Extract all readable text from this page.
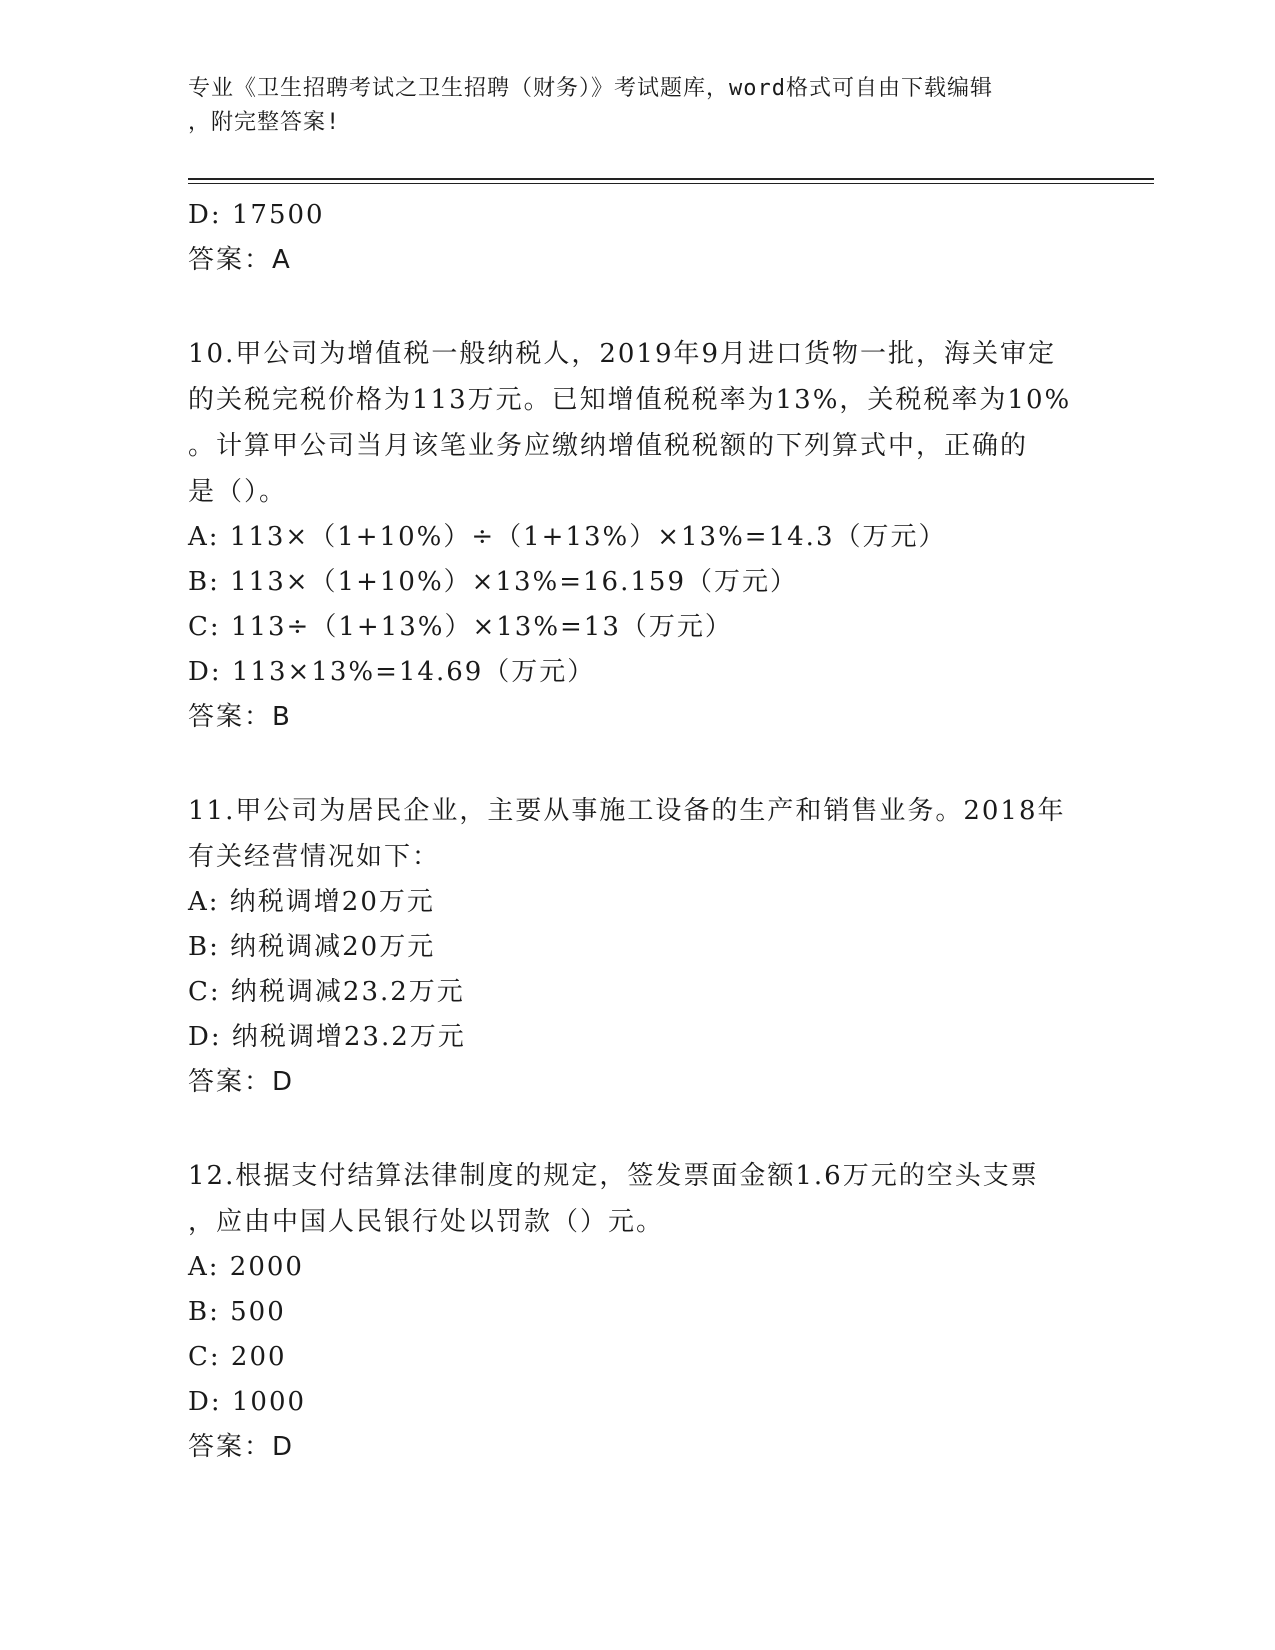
专业《卫生招聘考试之卫生招聘（财务）》考试题库，word格式可自由下载编辑
，附完整答案!
D: 17500
答案：A
10.甲公司为增值税一般纳税人，2019年9月进口货物一批，海关审定
的关税完税价格为113万元。已知增值税税率为13%，关税税率为10%
。计算甲公司当月该笔业务应缴纳增值税税额的下列算式中，正确的
是（）。
A: 113×（1+10%）÷（1+13%）×13%=14.3（万元）
B: 113×（1+10%）×13%=16.159（万元）
C: 113÷（1+13%）×13%=13（万元）
D: 113×13%=14.69（万元）
答案：B
11.甲公司为居民企业，主要从事施工设备的生产和销售业务。2018年
有关经营情况如下：
A: 纳税调增20万元
B: 纳税调减20万元
C: 纳税调减23.2万元
D: 纳税调增23.2万元
答案：D
12.根据支付结算法律制度的规定，签发票面金额1.6万元的空头支票
，应由中国人民银行处以罚款（）元。
A: 2000
B: 500
C: 200
D: 1000
答案：D
